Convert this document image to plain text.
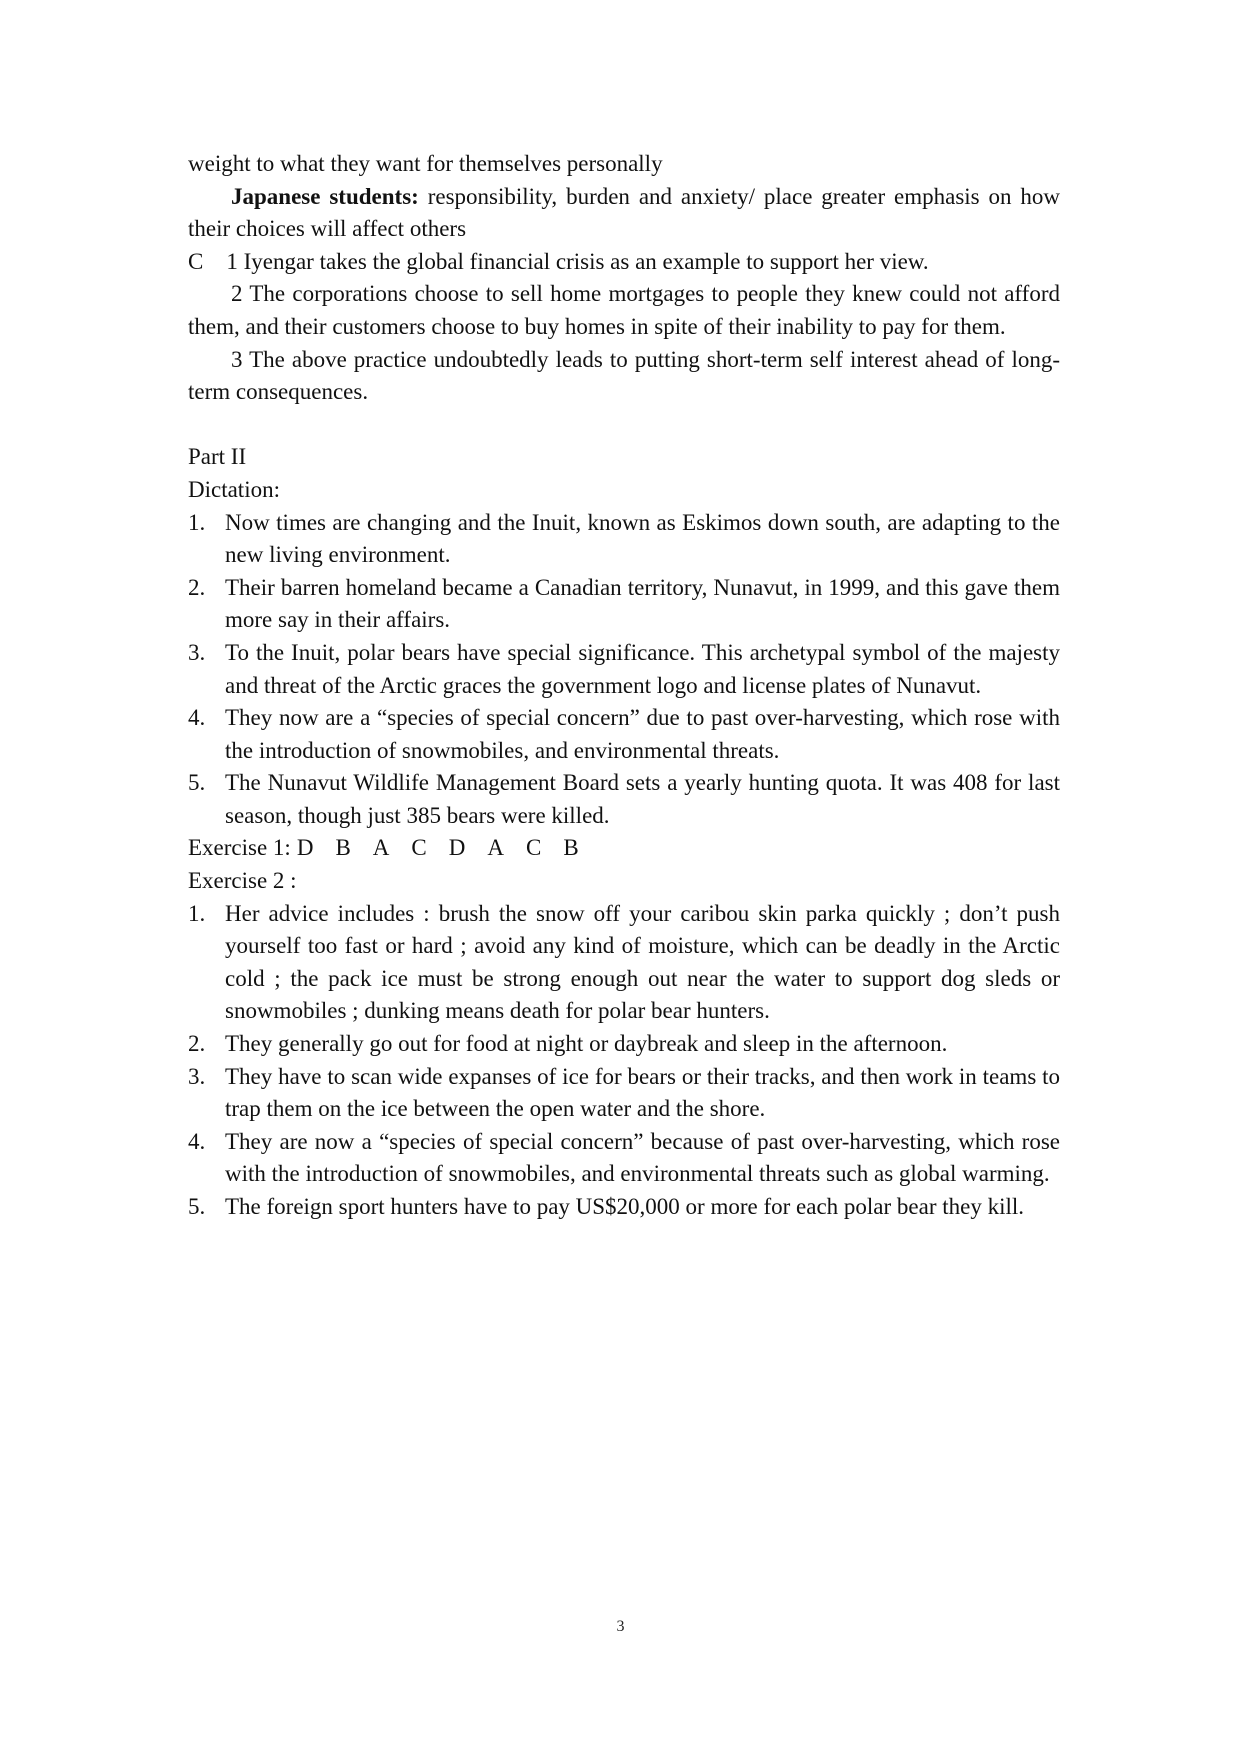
weight to what they want for themselves personally

Japanese students: responsibility, burden and anxiety/ place greater emphasis on how their choices will affect others

C 1 Iyengar takes the global financial crisis as an example to support her view.

2 The corporations choose to sell home mortgages to people they knew could not afford them, and their customers choose to buy homes in spite of their inability to pay for them.

3 The above practice undoubtedly leads to putting short-term self interest ahead of long-term consequences.

Part II

Dictation:

1. Now times are changing and the Inuit, known as Eskimos down south, are adapting to the new living environment.
2. Their barren homeland became a Canadian territory, Nunavut, in 1999, and this gave them more say in their affairs.
3. To the Inuit, polar bears have special significance. This archetypal symbol of the majesty and threat of the Arctic graces the government logo and license plates of Nunavut.
4. They now are a “species of special concern” due to past over-harvesting, which rose with the introduction of snowmobiles, and environmental threats.
5. The Nunavut Wildlife Management Board sets a yearly hunting quota. It was 408 for last season, though just 385 bears were killed.

Exercise 1: D B A C D A C B

Exercise 2 :

1. Her advice includes : brush the snow off your caribou skin parka quickly ; don’t push yourself too fast or hard ; avoid any kind of moisture, which can be deadly in the Arctic cold ; the pack ice must be strong enough out near the water to support dog sleds or snowmobiles ; dunking means death for polar bear hunters.
2. They generally go out for food at night or daybreak and sleep in the afternoon.
3. They have to scan wide expanses of ice for bears or their tracks, and then work in teams to trap them on the ice between the open water and the shore.
4. They are now a “species of special concern” because of past over-harvesting, which rose with the introduction of snowmobiles, and environmental threats such as global warming.
5. The foreign sport hunters have to pay US$20,000 or more for each polar bear they kill.
3
